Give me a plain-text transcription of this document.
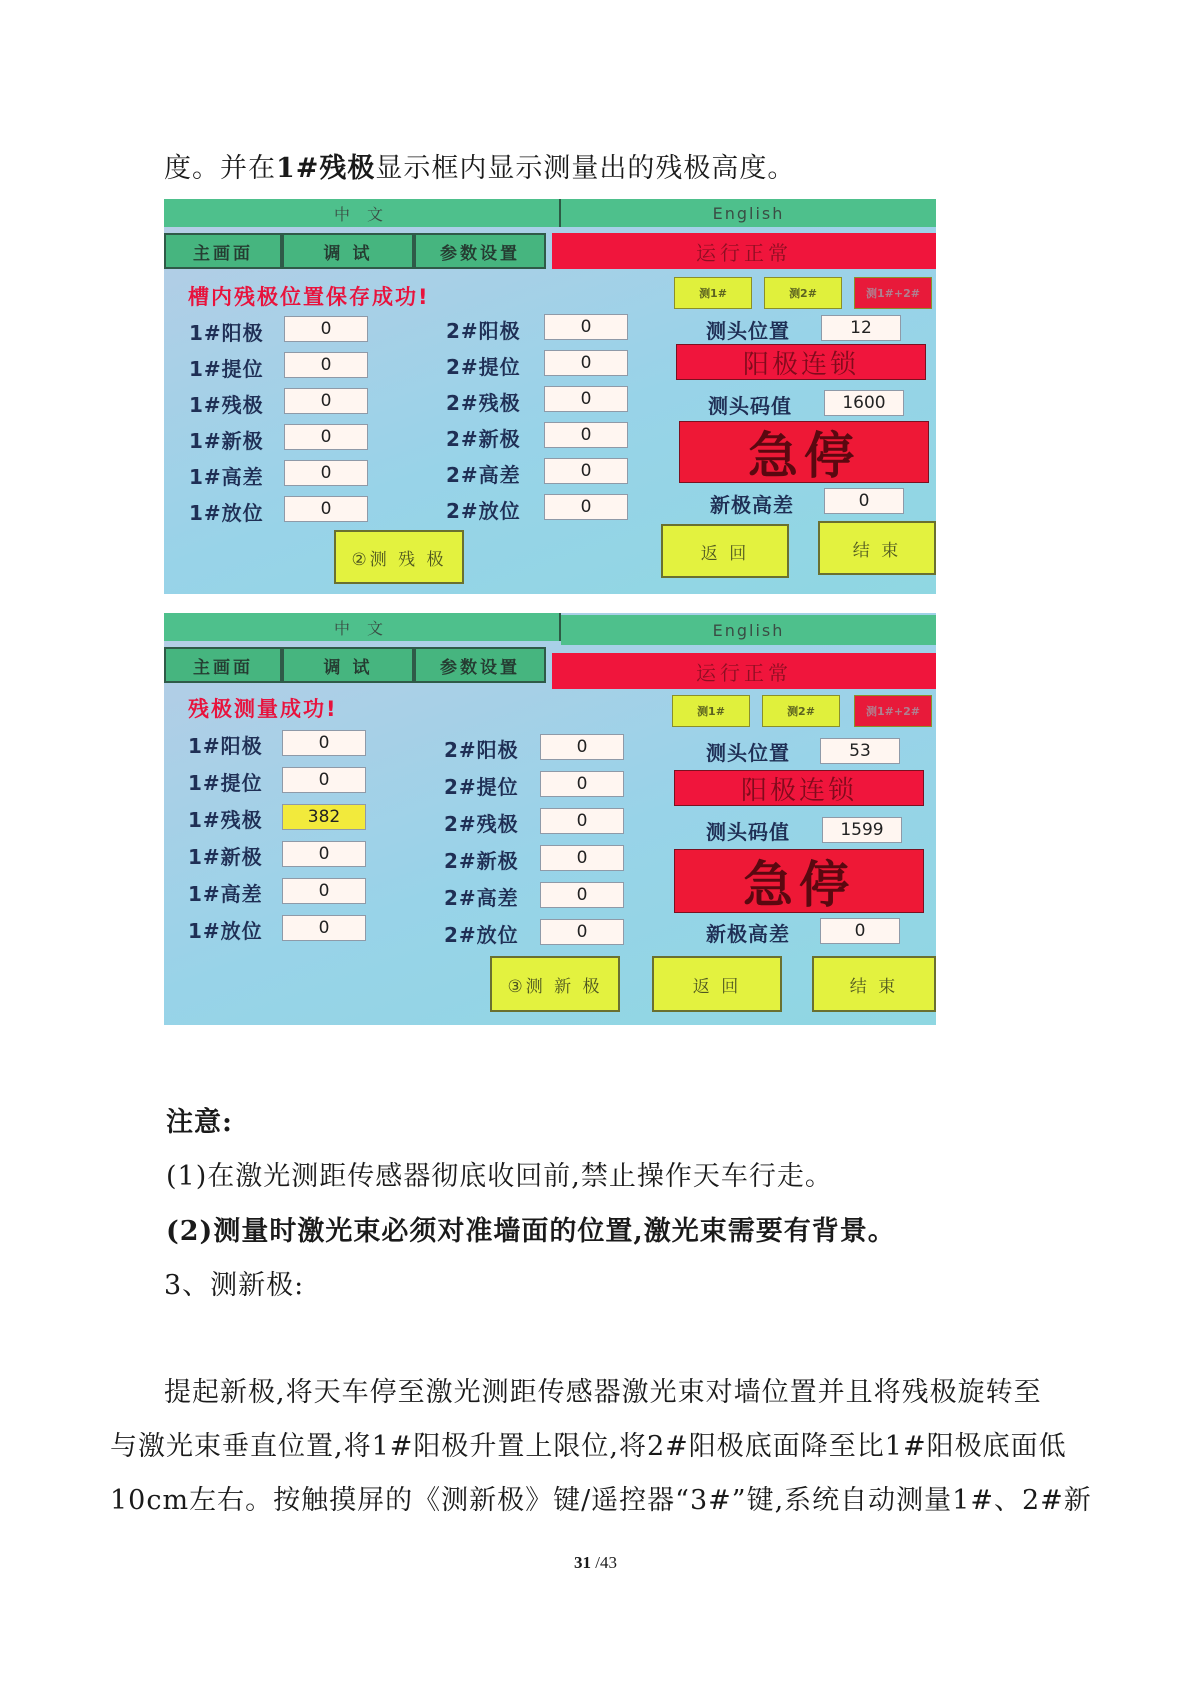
度。并在1#残极显示框内显示测量出的残极高度。
中 文	English
主画面	调 试	参数设置	运行正常
槽内残极位置保存成功!	测1#	测2#	测1#+2#
1#阳极	0
1#提位	0
1#残极	0
1#新极	0
1#高差	0
1#放位	0
2#阳极	0
2#提位	0
2#残极	0
2#新极	0
2#高差	0
2#放位	0
测头位置	12
阳极连锁
测头码值	1600
急停
新极高差	0
②测 残 极	返 回	结 束
中 文	English
主画面	调 试	参数设置	运行正常
残极测量成功!	测1#	测2#	测1#+2#
1#阳极	0
1#提位	0
1#残极	382
1#新极	0
1#高差	0
1#放位	0
2#阳极	0
2#提位	0
2#残极	0
2#新极	0
2#高差	0
2#放位	0
测头位置	53
阳极连锁
测头码值	1599
急停
新极高差	0
③测 新 极	返 回	结 束
注意:
(1)在激光测距传感器彻底收回前,禁止操作天车行走。
(2)测量时激光束必须对准墙面的位置,激光束需要有背景。
3、测新极:
提起新极,将天车停至激光测距传感器激光束对墙位置并且将残极旋转至
与激光束垂直位置,将1#阳极升置上限位,将2#阳极底面降至比1#阳极底面低
10cm左右。按触摸屏的《测新极》键/遥控器“3#”键,系统自动测量1#、2#新
31 /43
